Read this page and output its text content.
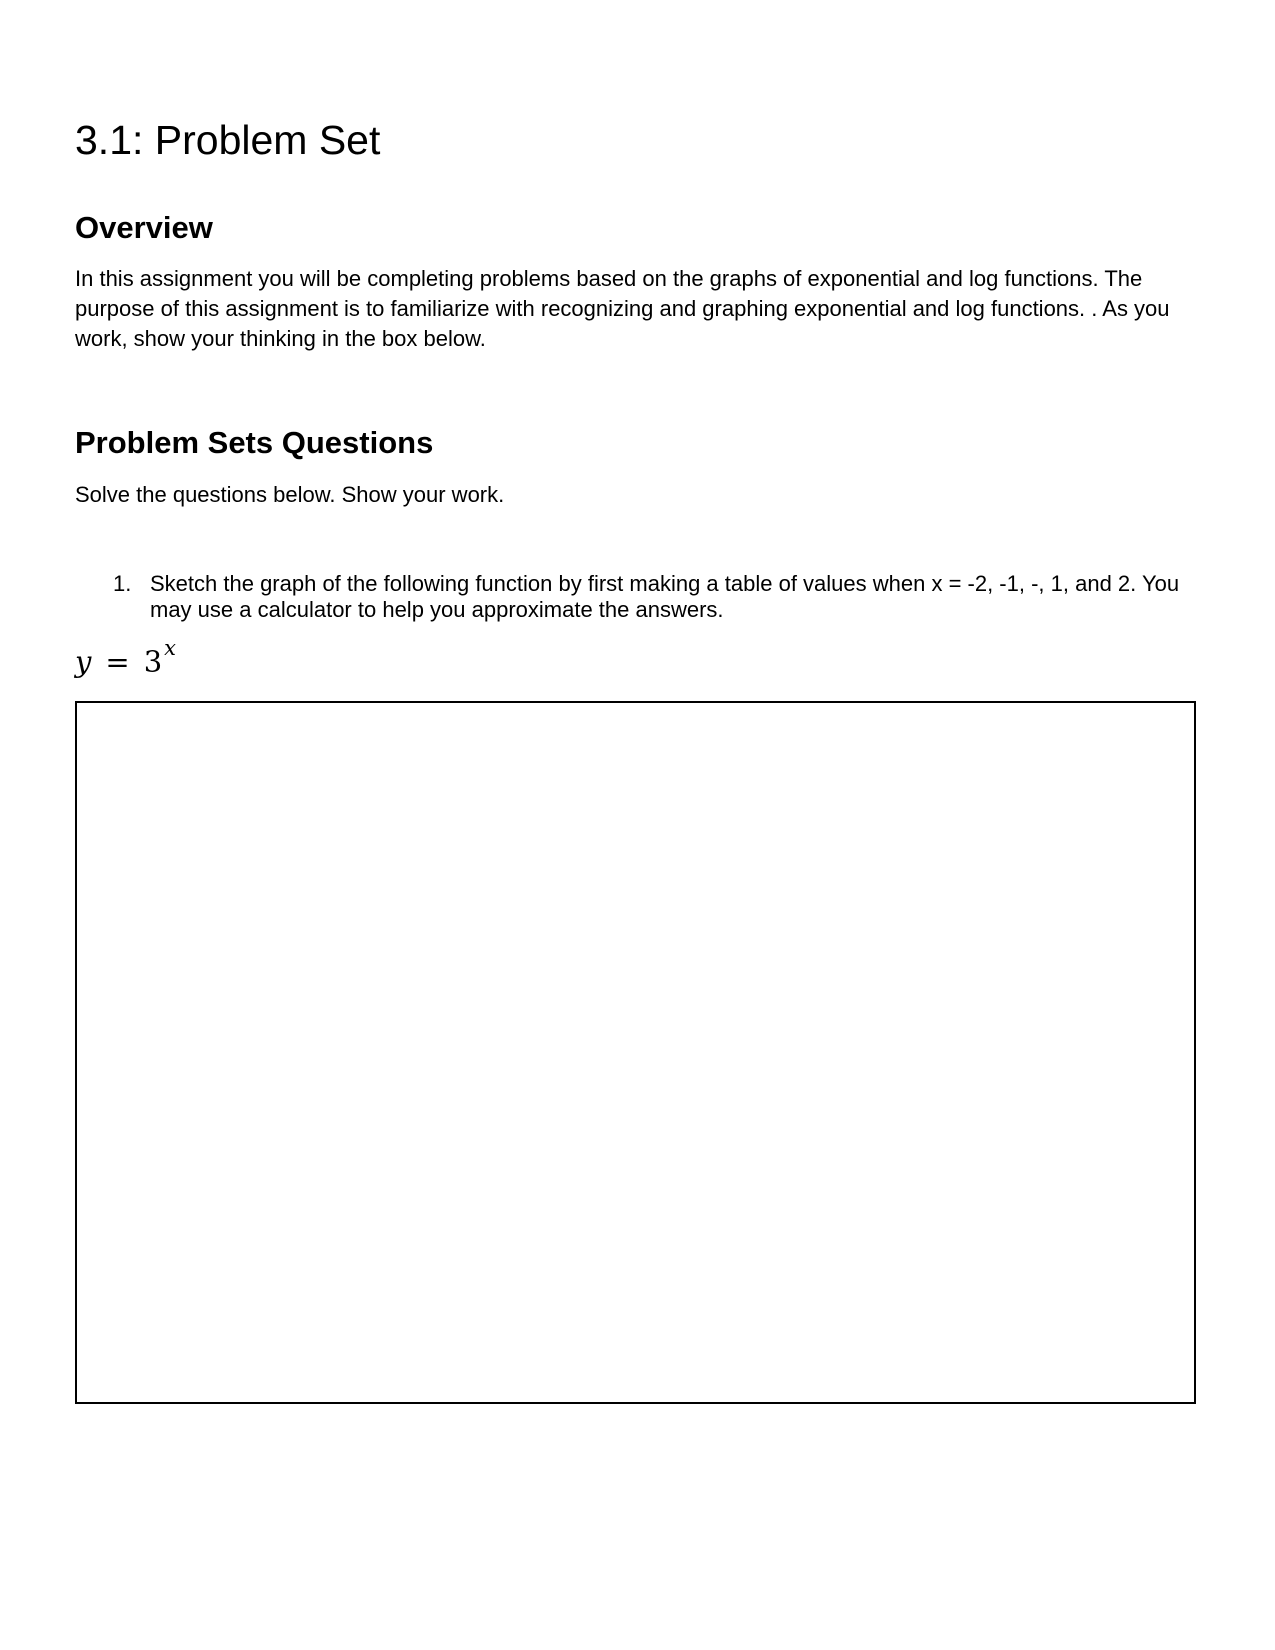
3.1: Problem Set
Overview

In this assignment you will be completing problems based on the graphs of exponential and log functions. The purpose of this assignment is to familiarize with recognizing and graphing exponential and log functions. . As you work, show your thinking in the box below.

Problem Sets Questions

Solve the questions below. Show your work.

1. Sketch the graph of the following function by first making a table of values when x = -2, -1, -, 1, and 2. You may use a calculator to help you approximate the answers.
$y = 3^x$
